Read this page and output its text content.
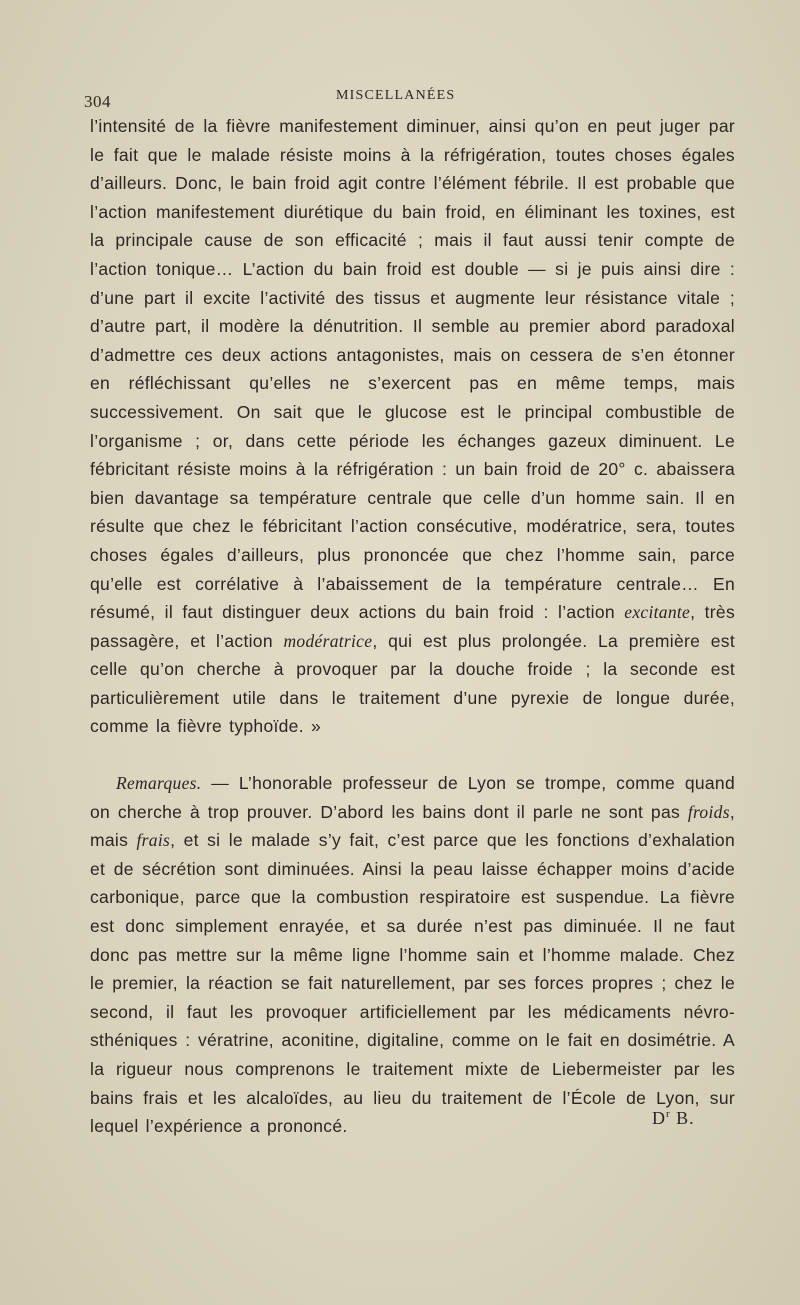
304	MISCELLANÉES

l’intensité de la fièvre manifestement diminuer, ainsi qu’on en peut juger par le fait que le malade résiste moins à la réfrigération, toutes choses égales d’ailleurs. Donc, le bain froid agit contre l’élément fébrile. Il est probable que l’action manifestement diurétique du bain froid, en éliminant les toxines, est la principale cause de son efficacité ; mais il faut aussi tenir compte de l’action tonique… L’action du bain froid est double — si je puis ainsi dire : d’une part il excite l’activité des tissus et augmente leur résistance vitale ; d’autre part, il modère la dénutrition. Il semble au premier abord paradoxal d’admettre ces deux actions antagonistes, mais on cessera de s’en étonner en réfléchissant qu’elles ne s’exercent pas en même temps, mais successivement. On sait que le glucose est le principal combustible de l’organisme ; or, dans cette période les échanges gazeux diminuent. Le fébricitant résiste moins à la réfrigération : un bain froid de 20° c. abaissera bien davantage sa température centrale que celle d’un homme sain. Il en résulte que chez le fébricitant l’action consécutive, modératrice, sera, toutes choses égales d’ailleurs, plus prononcée que chez l’homme sain, parce qu’elle est corrélative à l’abaissement de la température centrale… En résumé, il faut distinguer deux actions du bain froid : l’action excitante, très passagère, et l’action modératrice, qui est plus prolongée. La première est celle qu’on cherche à provoquer par la douche froide ; la seconde est particulièrement utile dans le traitement d’une pyrexie de longue durée, comme la fièvre typhoïde. »

Remarques. — L’honorable professeur de Lyon se trompe, comme quand on cherche à trop prouver. D’abord les bains dont il parle ne sont pas froids, mais frais, et si le malade s’y fait, c’est parce que les fonctions d’exhalation et de sécrétion sont diminuées. Ainsi la peau laisse échapper moins d’acide carbonique, parce que la combustion respiratoire est suspendue. La fièvre est donc simplement enrayée, et sa durée n’est pas diminuée. Il ne faut donc pas mettre sur la même ligne l’homme sain et l’homme malade. Chez le premier, la réaction se fait naturellement, par ses forces propres ; chez le second, il faut les provoquer artificiellement par les médicaments névro-sthéniques : vératrine, aconitine, digitaline, comme on le fait en dosimétrie. A la rigueur nous comprenons le traitement mixte de Liebermeister par les bains frais et les alcaloïdes, au lieu du traitement de l’École de Lyon, sur lequel l’expérience a prononcé.	$D^r$ B.
